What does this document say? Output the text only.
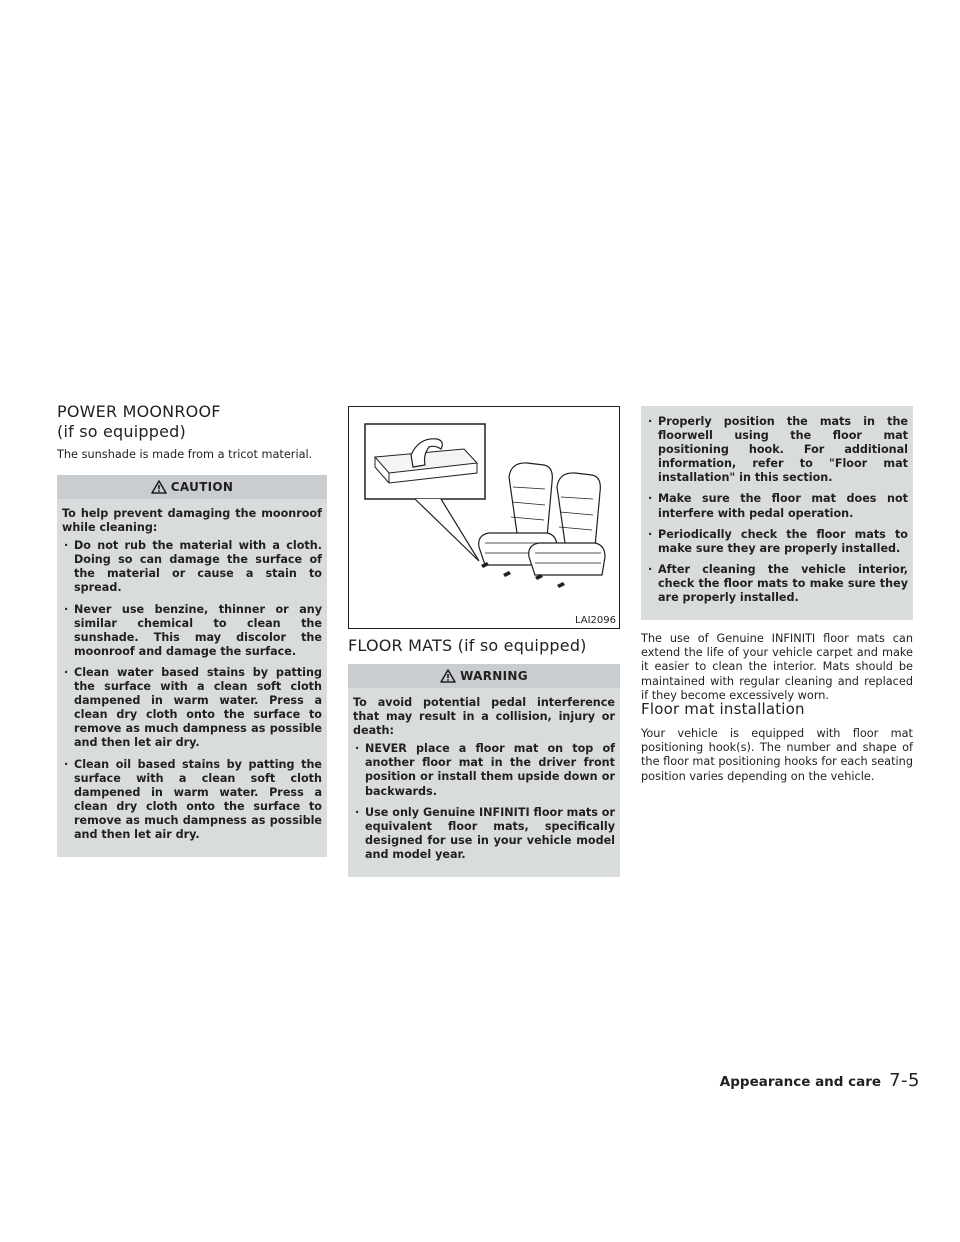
POWER MOONROOF
(if so equipped)

The sunshade is made from a tricot material.

CAUTION

To help prevent damaging the moonroof while cleaning:

· Do not rub the material with a cloth. Doing so can damage the surface of the material or cause a stain to spread.
· Never use benzine, thinner or any similar chemical to clean the sunshade. This may discolor the moonroof and damage the surface.
· Clean water based stains by patting the surface with a clean soft cloth dampened in warm water. Press a clean dry cloth onto the surface to remove as much dampness as possible and then let air dry.
· Clean oil based stains by patting the surface with a clean soft cloth dampened in warm water. Press a clean dry cloth onto the surface to remove as much dampness as possible and then let air dry.
LAI2096
FLOOR MATS (if so equipped)
WARNING

To avoid potential pedal interference that may result in a collision, injury or death:

· NEVER place a floor mat on top of another floor mat in the driver front position or install them upside down or backwards.
· Use only Genuine INFINITI floor mats or equivalent floor mats, specifically designed for use in your vehicle model and model year.
· Properly position the mats in the floorwell using the floor mat positioning hook. For additional information, refer to "Floor mat installation" in this section.
· Make sure the floor mat does not interfere with pedal operation.
· Periodically check the floor mats to make sure they are properly installed.
· After cleaning the vehicle interior, check the floor mats to make sure they are properly installed.

The use of Genuine INFINITI floor mats can extend the life of your vehicle carpet and make it easier to clean the interior. Mats should be maintained with regular cleaning and replaced if they become excessively worn.

Floor mat installation

Your vehicle is equipped with floor mat positioning hook(s). The number and shape of the floor mat positioning hooks for each seating position varies depending on the vehicle.

Appearance and care 7-5
